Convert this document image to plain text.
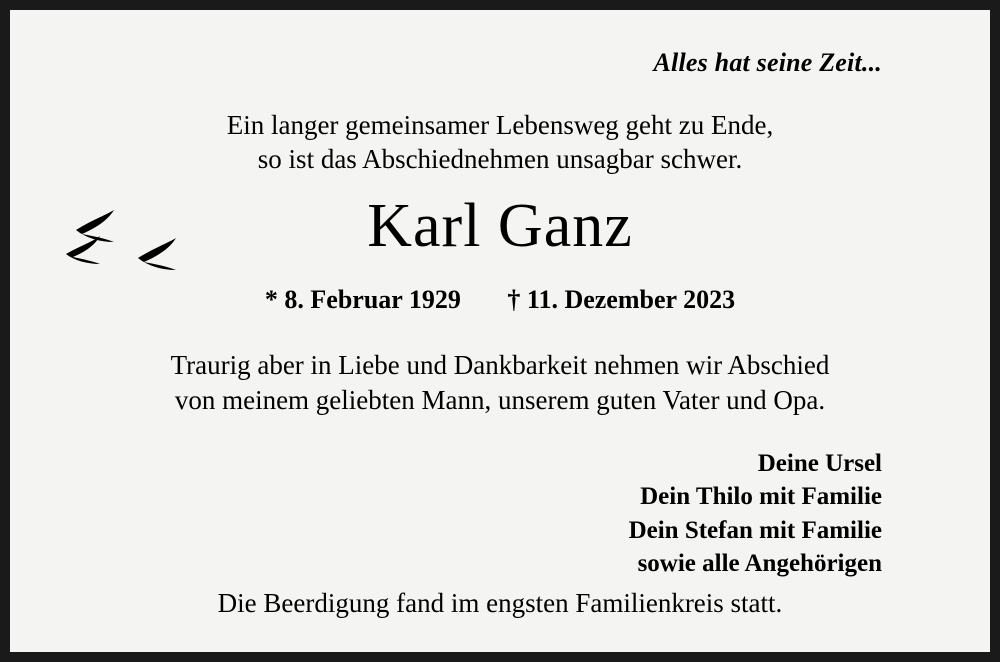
Alles hat seine Zeit...
Ein langer gemeinsamer Lebensweg geht zu Ende,
so ist das Abschiednehmen unsagbar schwer.
Karl Ganz
* 8. Februar 1929 † 11. Dezember 2023
Traurig aber in Liebe und Dankbarkeit nehmen wir Abschied
von meinem geliebten Mann, unserem guten Vater und Opa.
Deine Ursel
Dein Thilo mit Familie
Dein Stefan mit Familie
sowie alle Angehörigen
Die Beerdigung fand im engsten Familienkreis statt.
